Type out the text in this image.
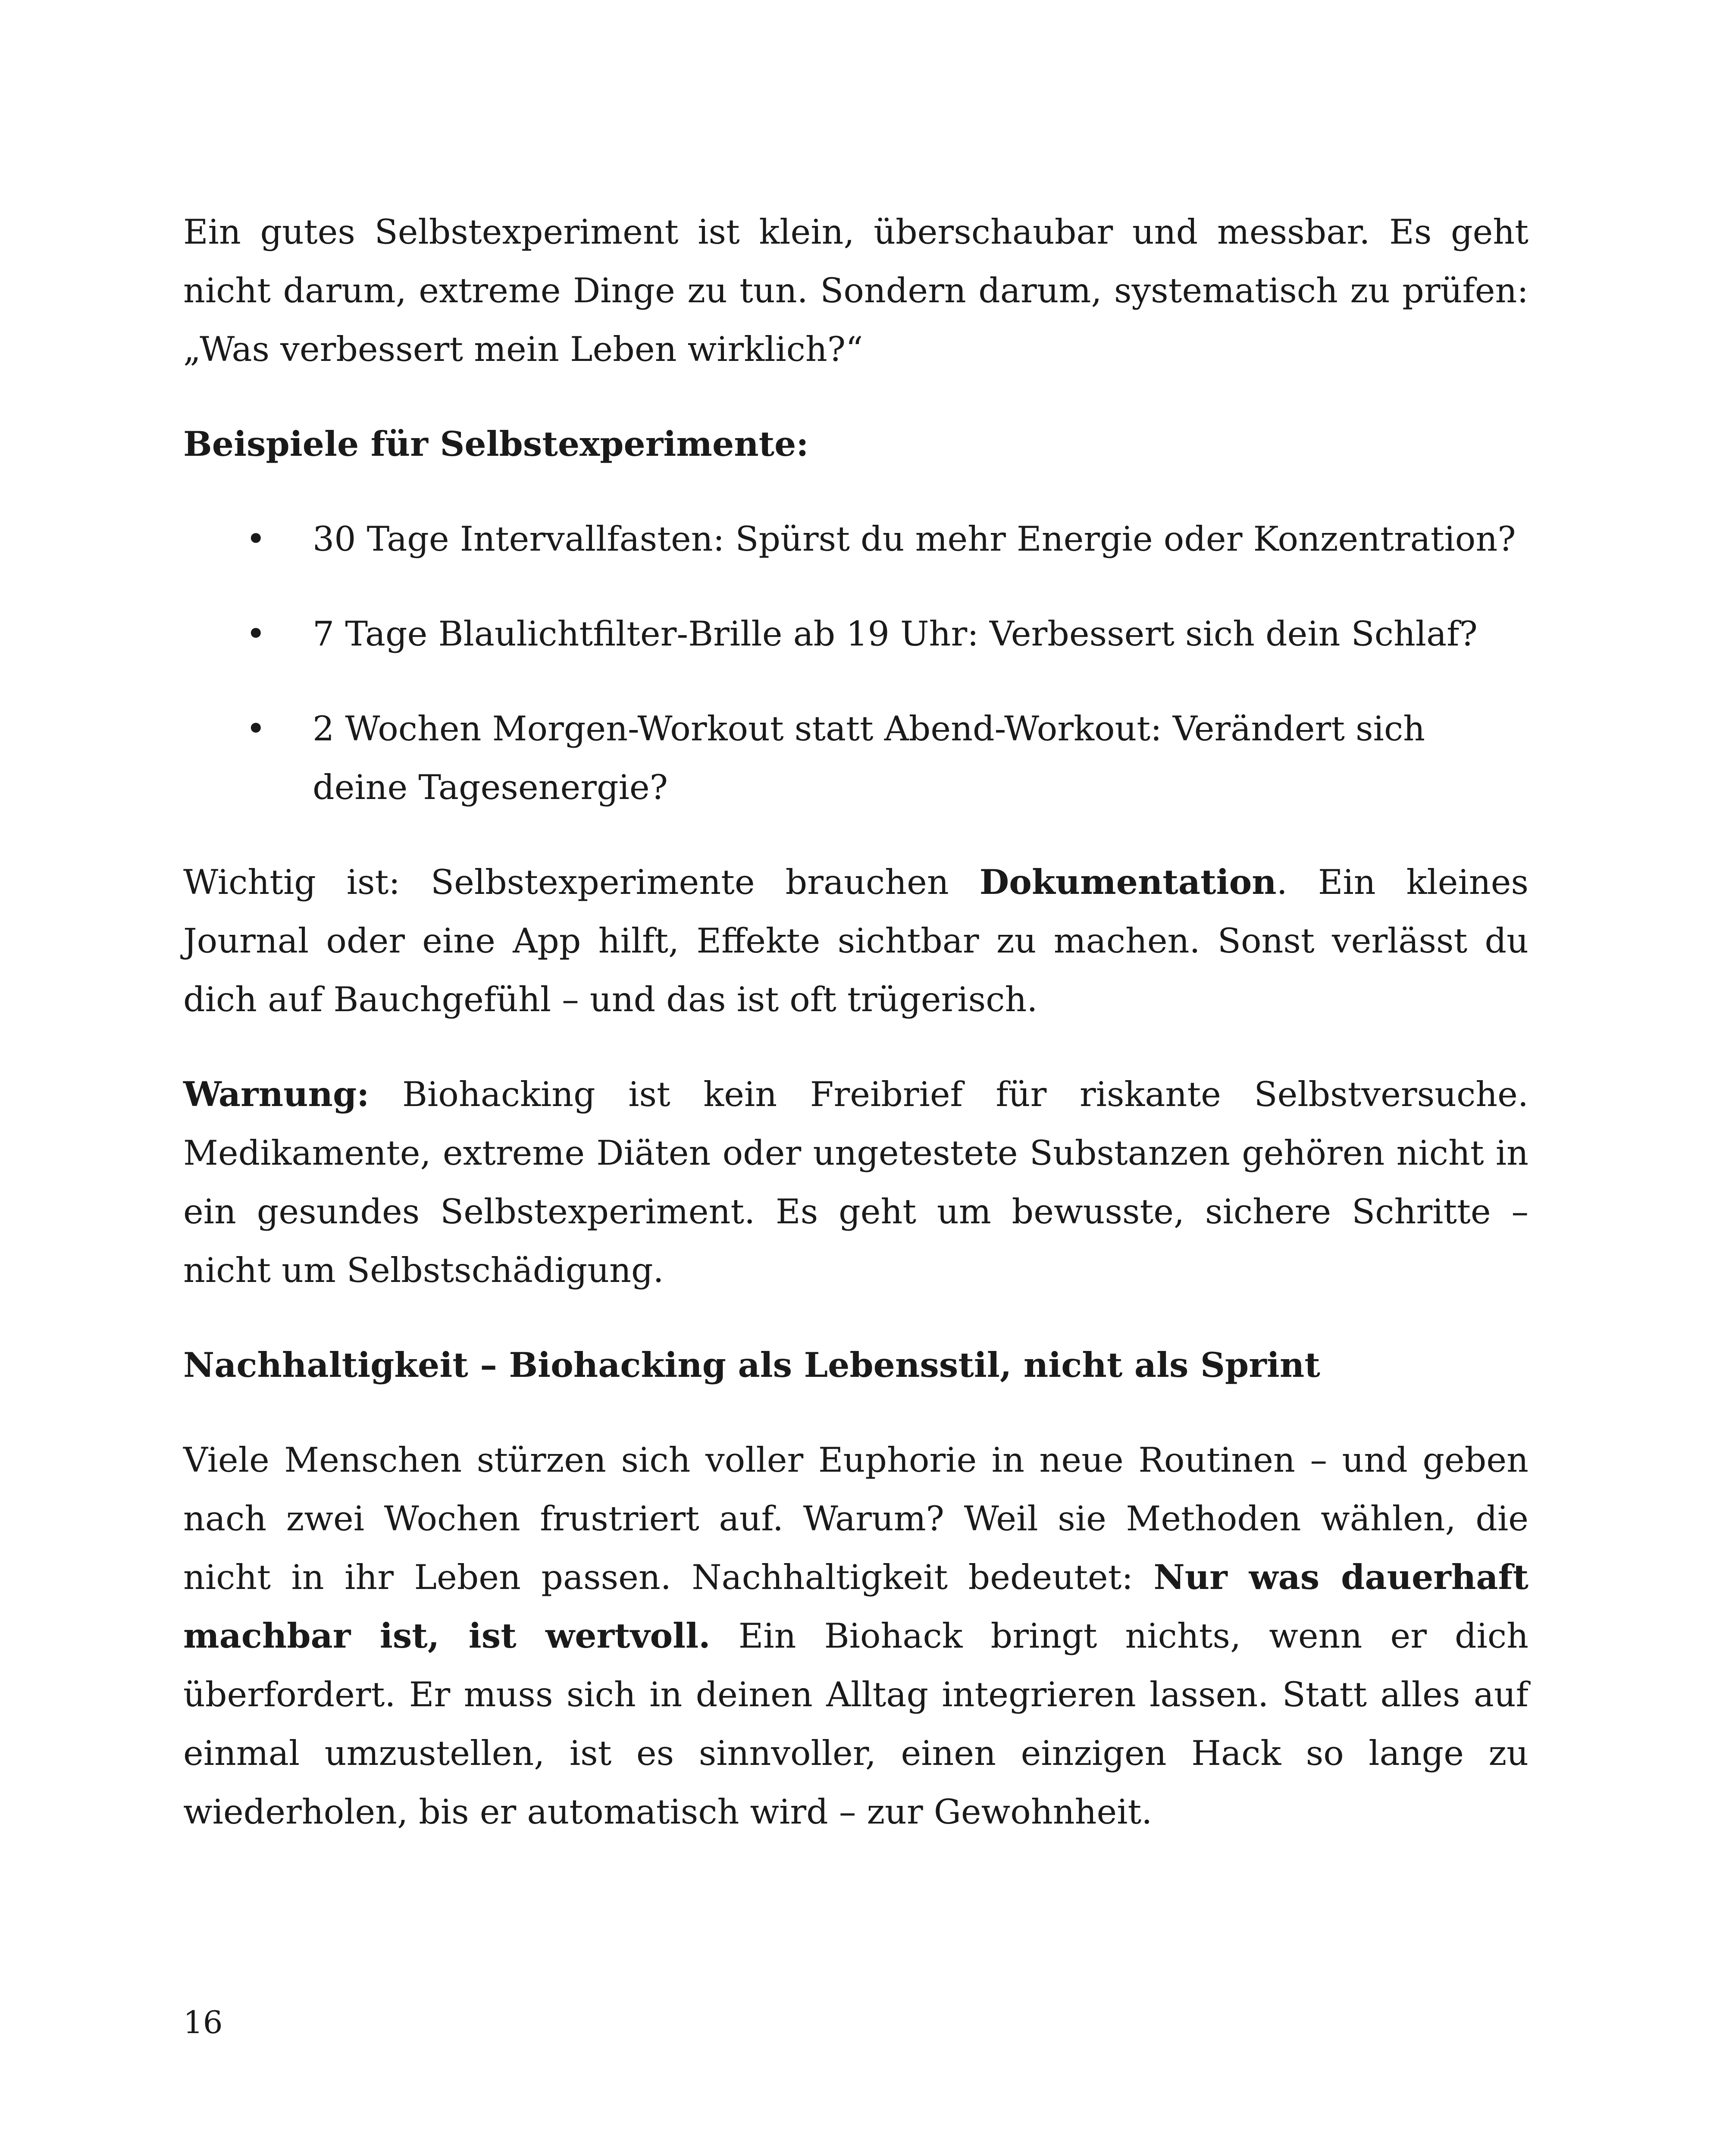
Ein gutes Selbstexperiment ist klein, überschaubar und messbar. Es geht nicht darum, extreme Dinge zu tun. Sondern darum, systematisch zu prüfen: „Was verbessert mein Leben wirklich?“

Beispiele für Selbstexperimente:
• 30 Tage Intervallfasten: Spürst du mehr Energie oder Konzentration?
• 7 Tage Blaulichtfilter-Brille ab 19 Uhr: Verbessert sich dein Schlaf?
• 2 Wochen Morgen-Workout statt Abend-Workout: Verändert sich deine Tagesenergie?

Wichtig ist: Selbstexperimente brauchen Dokumentation. Ein kleines Journal oder eine App hilft, Effekte sichtbar zu machen. Sonst verlässt du dich auf Bauchgefühl – und das ist oft trügerisch.

Warnung: Biohacking ist kein Freibrief für riskante Selbstversuche. Medikamente, extreme Diäten oder ungetestete Substanzen gehören nicht in ein gesundes Selbstexperiment. Es geht um bewusste, sichere Schritte – nicht um Selbstschädigung.

Nachhaltigkeit – Biohacking als Lebensstil, nicht als Sprint

Viele Menschen stürzen sich voller Euphorie in neue Routinen – und geben nach zwei Wochen frustriert auf. Warum? Weil sie Methoden wählen, die nicht in ihr Leben passen. Nachhaltigkeit bedeutet: Nur was dauerhaft machbar ist, ist wertvoll. Ein Biohack bringt nichts, wenn er dich überfordert. Er muss sich in deinen Alltag integrieren lassen. Statt alles auf einmal umzustellen, ist es sinnvoller, einen einzigen Hack so lange zu wiederholen, bis er automatisch wird – zur Gewohnheit.

16
